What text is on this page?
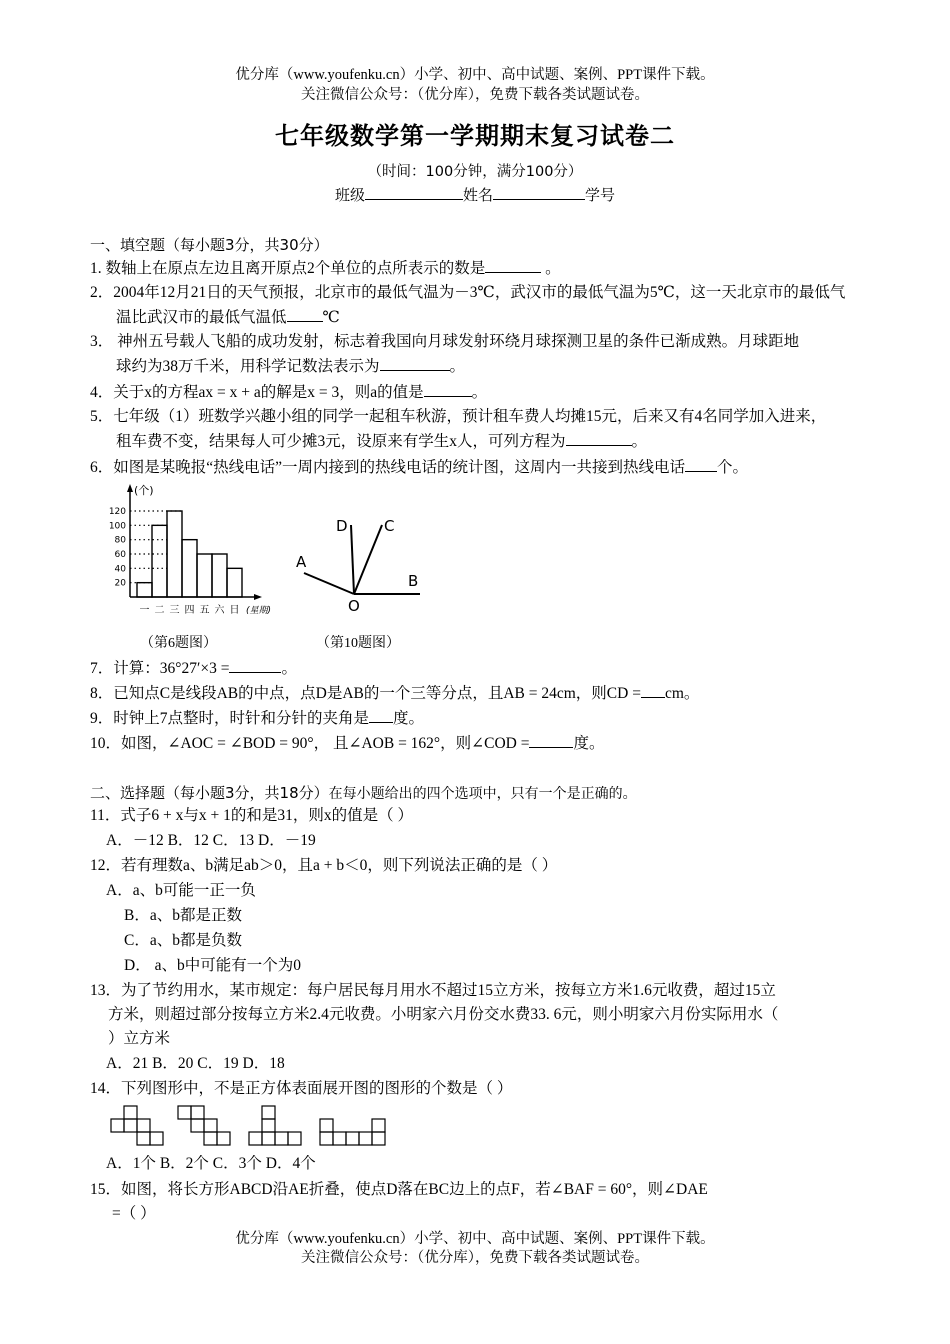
优分库（www.youfenku.cn）小学、初中、高中试题、案例、PPT课件下载。
关注微信公众号：（优分库），免费下载各类试题试卷。
七年级数学第一学期期末复习试卷二
（时间：100分钟，满分100分）
班级	姓名	学号
一、填空题（每小题3分，共30分）
1. 数轴上在原点左边且离开原点2个单位的点所表示的数是	。
2．2004年12月21日的天气预报，北京市的最低气温为－3℃，武汉市的最低气温为5℃，这一天北京市的最低气
温比武汉市的最低气温低 ℃
3． 神州五号载人飞船的成功发射，标志着我国向月球发射环绕月球探测卫星的条件已渐成熟。月球距地
球约为38万千米，用科学记数法表示为	。
4．关于x的方程ax = x + a的解是x = 3，则a的值是	。
5．七年级（1）班数学兴趣小组的同学一起租车秋游，预计租车费人均摊15元，后来又有4名同学加入进来，
租车费不变，结果每人可少摊3元，设原来有学生x人，可列方程为	。
6．如图是某晚报“热线电话”一周内接到的热线电话的统计图，这周内一共接到热线电话 个。
20
40
60
80
100
120
一 二 三 四 五 六 日
(个)
(星期)
A
B
C
D
O
（第6题图）	（第10题图）
7．计算：36°27′×3 =	。
8．已知点C是线段AB的中点，点D是AB的一个三等分点，且AB = 24cm，则CD = cm。
9．时钟上7点整时，时针和分针的夹角是 度。
10．如图，∠AOC = ∠BOD = 90°， 且∠AOB = 162°，则∠COD =	度。
二、选择题（每小题3分，共18分）在每小题给出的四个选项中，只有一个是正确的。
11．式子6 + x与x + 1的和是31，则x的值是（ ）
A．－12 B．12 C．13 D．－19
12．若有理数a、b满足ab＞0，且a + b＜0，则下列说法正确的是（ ）
A．a、b可能一正一负
B．a、b都是正数
C．a、b都是负数
D． a、b中可能有一个为0
13．为了节约用水，某市规定：每户居民每月用水不超过15立方米，按每立方米1.6元收费，超过15立
方米，则超过部分按每立方米2.4元收费。小明家六月份交水费33. 6元，则小明家六月份实际用水（
）立方米
A．21 B．20 C．19 D．18
14．下列图形中，不是正方体表面展开图的图形的个数是（ ）
A．1个 B．2个 C．3个 D．4个
15．如图，将长方形ABCD沿AE折叠，使点D落在BC边上的点F，若∠BAF = 60°，则∠DAE
=（ ）
优分库（www.youfenku.cn）小学、初中、高中试题、案例、PPT课件下载。
关注微信公众号：（优分库），免费下载各类试题试卷。
